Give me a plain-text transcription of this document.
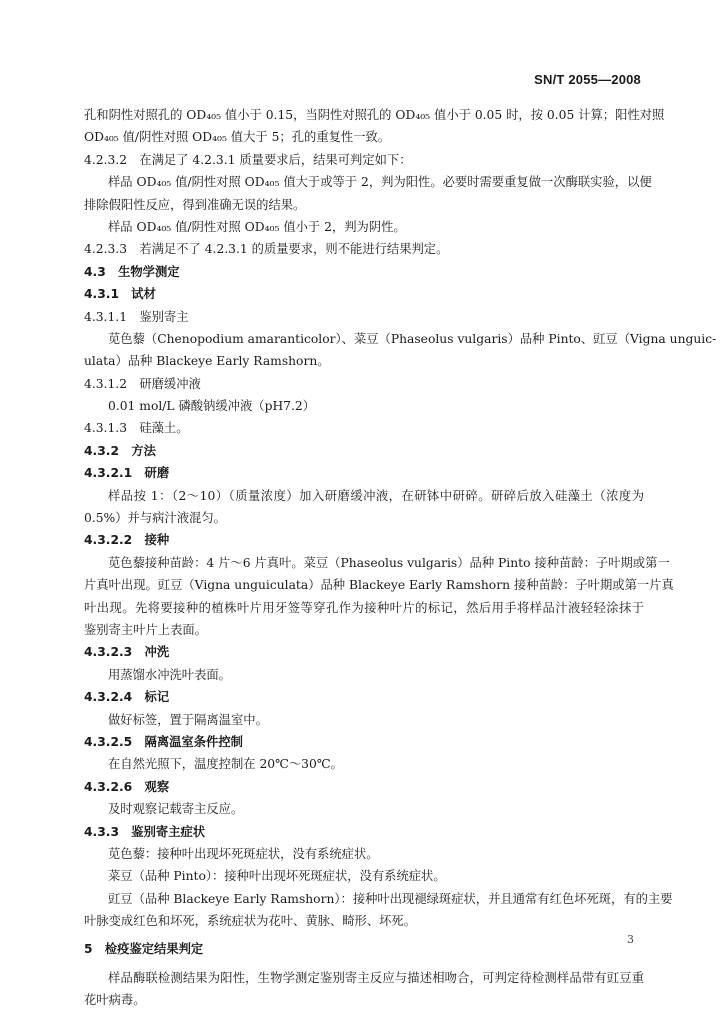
SN/T 2055—2008
孔和阴性对照孔的 OD₄₀₅ 值小于 0.15，当阴性对照孔的 OD₄₀₅ 值小于 0.05 时，按 0.05 计算；阳性对照
OD₄₀₅ 值/阴性对照 OD₄₀₅ 值大于 5；孔的重复性一致。
4.2.3.2　在满足了 4.2.3.1 质量要求后，结果可判定如下：
样品 OD₄₀₅ 值/阴性对照 OD₄₀₅ 值大于或等于 2，判为阳性。必要时需要重复做一次酶联实验，以便
排除假阳性反应，得到准确无误的结果。
样品 OD₄₀₅ 值/阴性对照 OD₄₀₅ 值小于 2，判为阴性。
4.2.3.3　若满足不了 4.2.3.1 的质量要求，则不能进行结果判定。
4.3　生物学测定
4.3.1　试材
4.3.1.1　鉴别寄主
苋色藜（Chenopodium amaranticolor）、菜豆（Phaseolus vulgaris）品种 Pinto、豇豆（Vigna unguic-
ulata）品种 Blackeye Early Ramshorn。
4.3.1.2　研磨缓冲液
0.01 mol/L 磷酸钠缓冲液（pH7.2）
4.3.1.3　硅藻土。
4.3.2　方法
4.3.2.1　研磨
样品按 1：（2～10）（质量浓度）加入研磨缓冲液，在研钵中研碎。研碎后放入硅藻土（浓度为
0.5%）并与病汁液混匀。
4.3.2.2　接种
苋色藜接种苗龄：4 片～6 片真叶。菜豆（Phaseolus vulgaris）品种 Pinto 接种苗龄：子叶期或第一
片真叶出现。豇豆（Vigna unguiculata）品种 Blackeye Early Ramshorn 接种苗龄：子叶期或第一片真
叶出现。先将要接种的植株叶片用牙签等穿孔作为接种叶片的标记，然后用手将样品汁液轻轻涂抹于
鉴别寄主叶片上表面。
4.3.2.3　冲洗
用蒸馏水冲洗叶表面。
4.3.2.4　标记
做好标签，置于隔离温室中。
4.3.2.5　隔离温室条件控制
在自然光照下，温度控制在 20℃～30℃。
4.3.2.6　观察
及时观察记载寄主反应。
4.3.3　鉴别寄主症状
苋色藜：接种叶出现坏死斑症状，没有系统症状。
菜豆（品种 Pinto）：接种叶出现坏死斑症状，没有系统症状。
豇豆（品种 Blackeye Early Ramshorn）：接种叶出现褪绿斑症状，并且通常有红色坏死斑，有的主要
叶脉变成红色和坏死，系统症状为花叶、黄脉、畸形、坏死。
5　检疫鉴定结果判定
样品酶联检测结果为阳性，生物学测定鉴别寄主反应与描述相吻合，可判定待检测样品带有豇豆重
花叶病毒。
3
